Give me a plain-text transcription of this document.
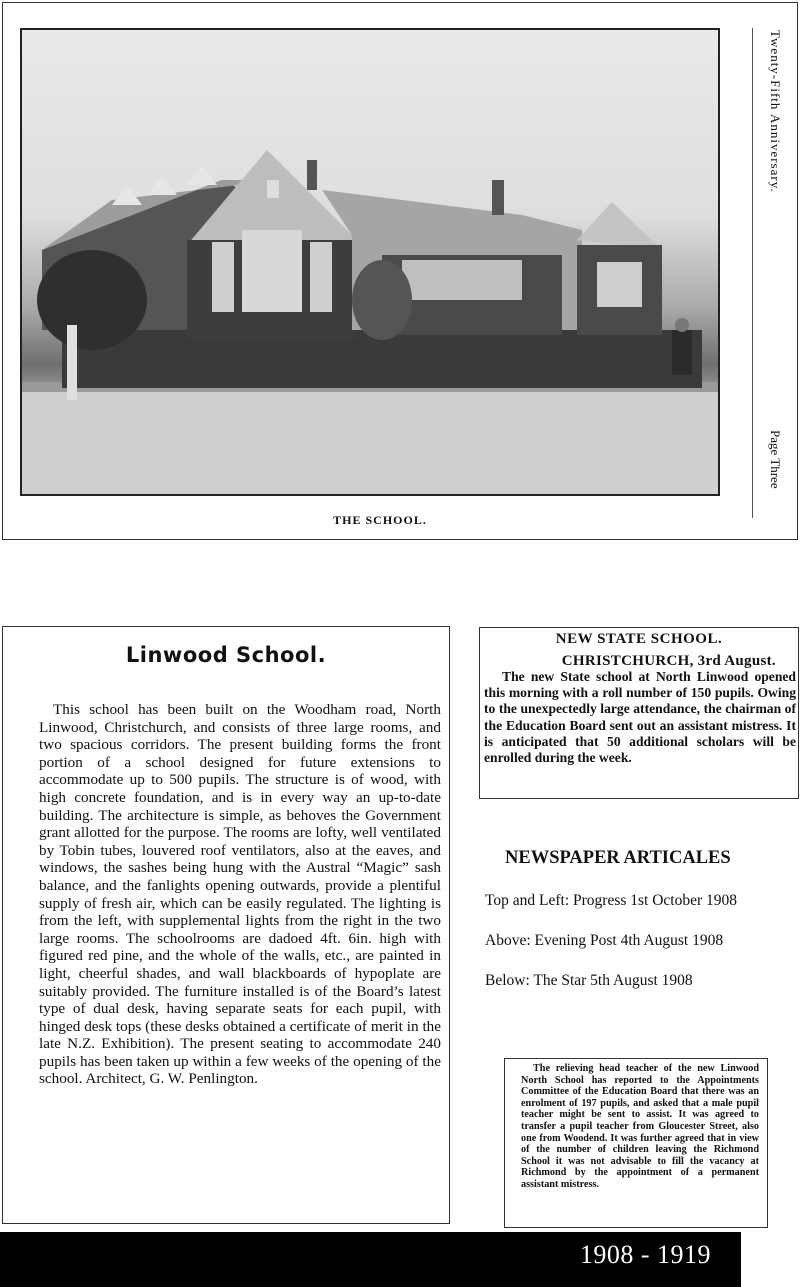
THE SCHOOL.
Twenty-Fifth Anniversary.
Page Three
Linwood School.
This school has been built on the Woodham road, North Linwood, Christchurch, and consists of three large rooms, and two spacious corridors. The present building forms the front portion of a school designed for future extensions to accommodate up to 500 pupils. The structure is of wood, with high concrete foundation, and is in every way an up-to-date building. The architecture is simple, as behoves the Government grant allotted for the purpose. The rooms are lofty, well ventilated by Tobin tubes, louvered roof ventilators, also at the eaves, and windows, the sashes being hung with the Austral “Magic” sash balance, and the fanlights opening outwards, provide a plentiful supply of fresh air, which can be easily regulated. The lighting is from the left, with supplemental lights from the right in the two large rooms. The schoolrooms are dadoed 4ft. 6in. high with figured red pine, and the whole of the walls, etc., are painted in light, cheerful shades, and wall blackboards of hypoplate are suitably provided. The furniture installed is of the Board’s latest type of dual desk, having separate seats for each pupil, with hinged desk tops (these desks obtained a certificate of merit in the late N.Z. Exhibition). The present seating to accommodate 240 pupils has been taken up within a few weeks of the opening of the school. Architect, G. W. Penlington.
NEW STATE SCHOOL.
CHRISTCHURCH, 3rd August.
The new State school at North Linwood opened this morning with a roll number of 150 pupils. Owing to the unexpectedly large attendance, the chairman of the Education Board sent out an assistant mistress. It is anticipated that 50 additional scholars will be enrolled during the week.
NEWSPAPER ARTICALES
Top and Left: Progress 1st October 1908
Above: Evening Post 4th August 1908
Below: The Star 5th August 1908
The relieving head teacher of the new Linwood North School has reported to the Appointments Committee of the Education Board that there was an enrolment of 197 pupils, and asked that a male pupil teacher might be sent to assist. It was agreed to transfer a pupil teacher from Gloucester Street, also one from Woodend. It was further agreed that in view of the number of children leaving the Richmond School it was not advisable to fill the vacancy at Richmond by the appointment of a permanent assistant mistress.
1908 - 1919
